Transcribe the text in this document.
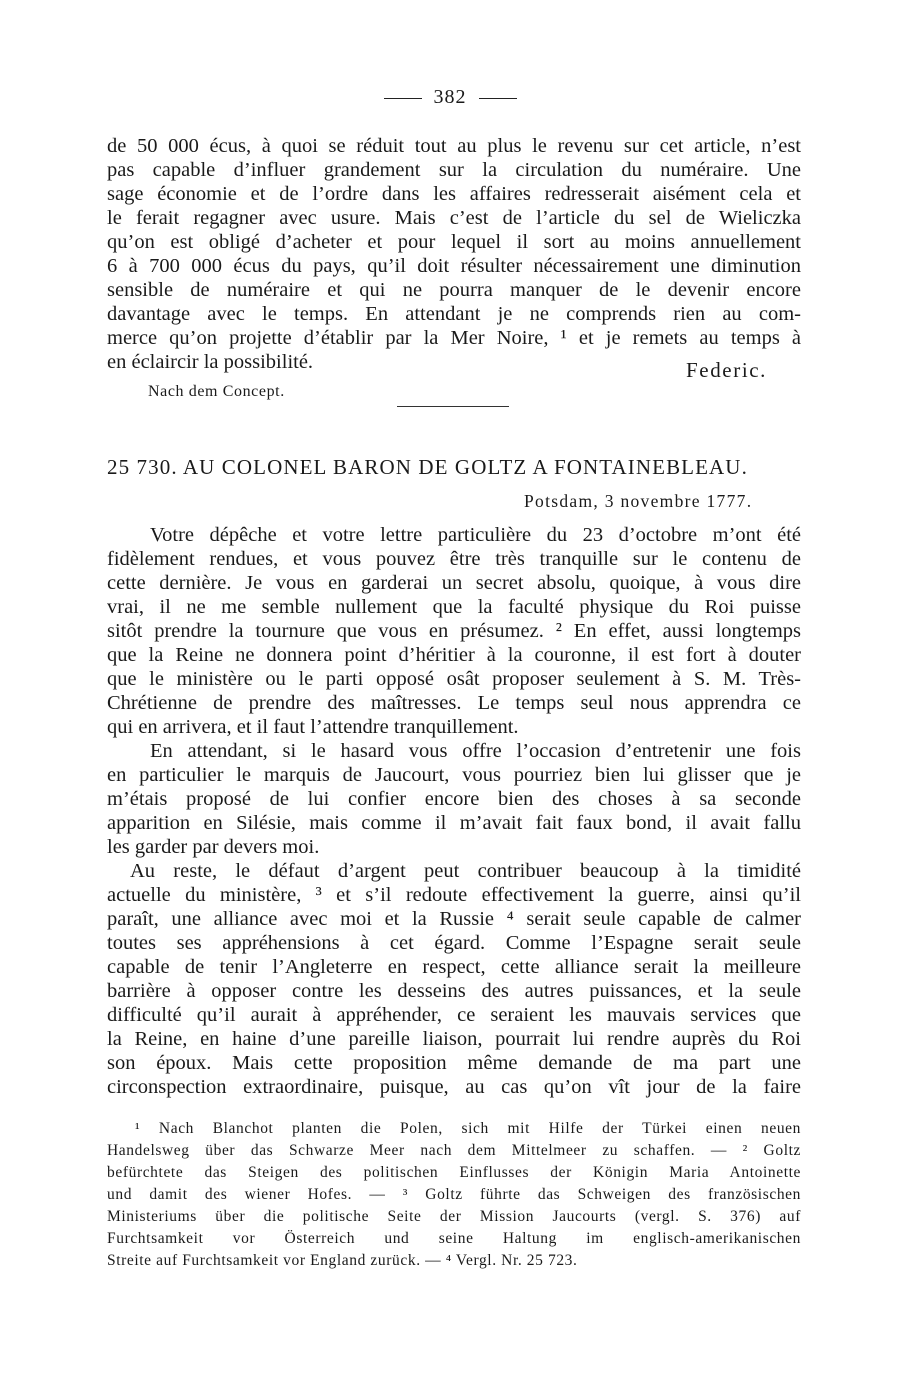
382
de 50 000 écus, à quoi se réduit tout au plus le revenu sur cet article, n’est
pas capable d’influer grandement sur la circulation du numéraire. Une
sage économie et de l’ordre dans les affaires redresserait aisément cela et
le ferait regagner avec usure. Mais c’est de l’article du sel de Wieliczka
qu’on est obligé d’acheter et pour lequel il sort au moins annuellement
6 à 700 000 écus du pays, qu’il doit résulter nécessairement une diminution
sensible de numéraire et qui ne pourra manquer de le devenir encore
davantage avec le temps. En attendant je ne comprends rien au com-
merce qu’on projette d’établir par la Mer Noire, ¹ et je remets au temps à
en éclaircir la possibilité.	Federic.
Nach dem Concept.
25 730. AU COLONEL BARON DE GOLTZ A FONTAINEBLEAU.
Potsdam, 3 novembre 1777.
Votre dépêche et votre lettre particulière du 23 d’octobre m’ont été
fidèlement rendues, et vous pouvez être très tranquille sur le contenu de
cette dernière. Je vous en garderai un secret absolu, quoique, à vous dire
vrai, il ne me semble nullement que la faculté physique du Roi puisse
sitôt prendre la tournure que vous en présumez. ² En effet, aussi longtemps
que la Reine ne donnera point d’héritier à la couronne, il est fort à douter
que le ministère ou le parti opposé osât proposer seulement à S. M. Très-
Chrétienne de prendre des maîtresses. Le temps seul nous apprendra ce
qui en arrivera, et il faut l’attendre tranquillement.
En attendant, si le hasard vous offre l’occasion d’entretenir une fois
en particulier le marquis de Jaucourt, vous pourriez bien lui glisser que je
m’étais proposé de lui confier encore bien des choses à sa seconde
apparition en Silésie, mais comme il m’avait fait faux bond, il avait fallu
les garder par devers moi.
Au reste, le défaut d’argent peut contribuer beaucoup à la timidité
actuelle du ministère, ³ et s’il redoute effectivement la guerre, ainsi qu’il
paraît, une alliance avec moi et la Russie ⁴ serait seule capable de calmer
toutes ses appréhensions à cet égard. Comme l’Espagne serait seule
capable de tenir l’Angleterre en respect, cette alliance serait la meilleure
barrière à opposer contre les desseins des autres puissances, et la seule
difficulté qu’il aurait à appréhender, ce seraient les mauvais services que
la Reine, en haine d’une pareille liaison, pourrait lui rendre auprès du Roi
son époux. Mais cette proposition même demande de ma part une
circonspection extraordinaire, puisque, au cas qu’on vît jour de la faire
¹ Nach Blanchot planten die Polen, sich mit Hilfe der Türkei einen neuen
Handelsweg über das Schwarze Meer nach dem Mittelmeer zu schaffen. — ² Goltz
befürchtete das Steigen des politischen Einflusses der Königin Maria Antoinette
und damit des wiener Hofes. — ³ Goltz führte das Schweigen des französischen
Ministeriums über die politische Seite der Mission Jaucourts (vergl. S. 376) auf
Furchtsamkeit vor Österreich und seine Haltung im englisch-amerikanischen
Streite auf Furchtsamkeit vor England zurück. — ⁴ Vergl. Nr. 25 723.
